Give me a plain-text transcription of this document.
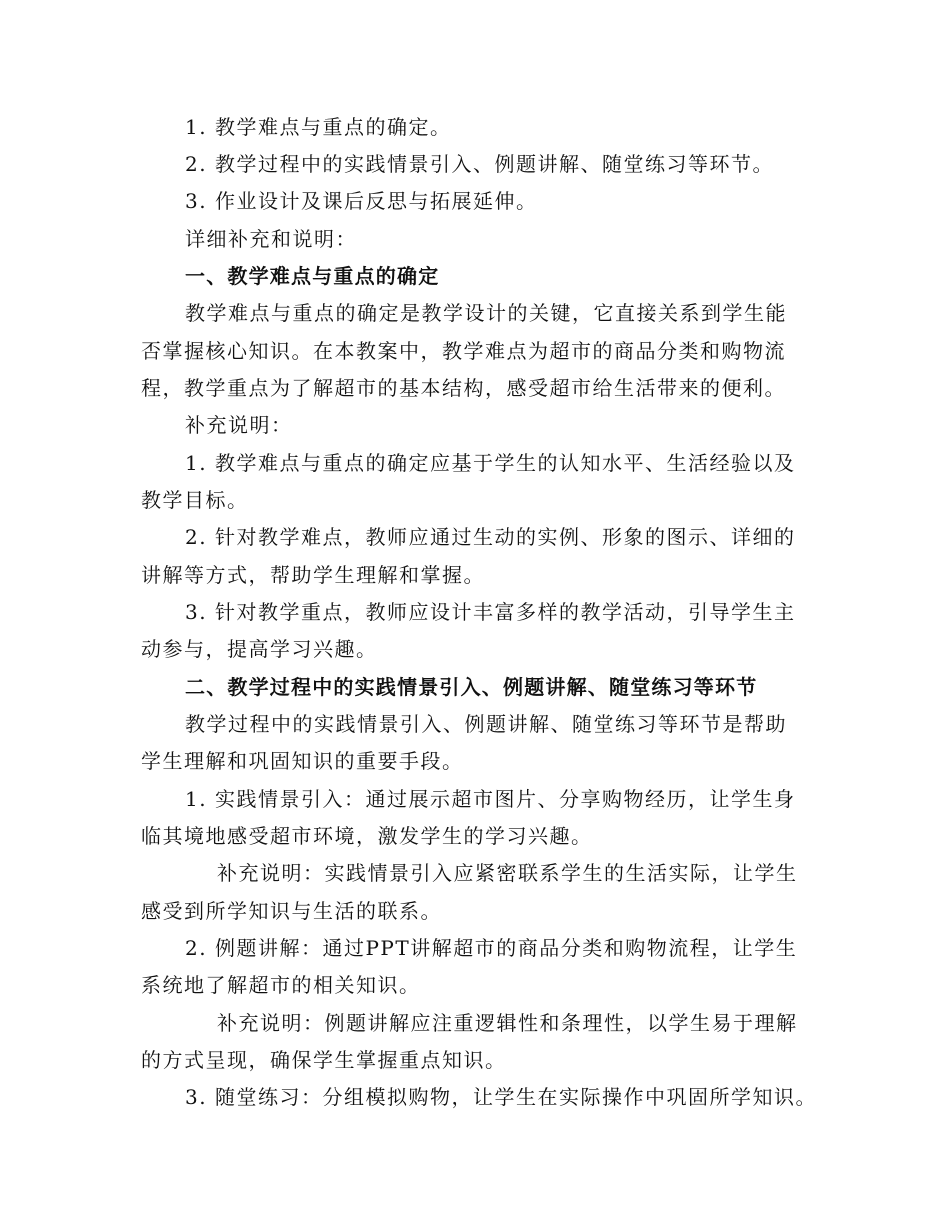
1. 教学难点与重点的确定。
2. 教学过程中的实践情景引入、例题讲解、随堂练习等环节。
3. 作业设计及课后反思与拓展延伸。
详细补充和说明：
一、教学难点与重点的确定
教学难点与重点的确定是教学设计的关键，它直接关系到学生能
否掌握核心知识。在本教案中，教学难点为超市的商品分类和购物流
程，教学重点为了解超市的基本结构，感受超市给生活带来的便利。
补充说明：
1. 教学难点与重点的确定应基于学生的认知水平、生活经验以及
教学目标。
2. 针对教学难点，教师应通过生动的实例、形象的图示、详细的
讲解等方式，帮助学生理解和掌握。
3. 针对教学重点，教师应设计丰富多样的教学活动，引导学生主
动参与，提高学习兴趣。
二、教学过程中的实践情景引入、例题讲解、随堂练习等环节
教学过程中的实践情景引入、例题讲解、随堂练习等环节是帮助
学生理解和巩固知识的重要手段。
1. 实践情景引入：通过展示超市图片、分享购物经历，让学生身
临其境地感受超市环境，激发学生的学习兴趣。
补充说明：实践情景引入应紧密联系学生的生活实际，让学生
感受到所学知识与生活的联系。
2. 例题讲解：通过PPT讲解超市的商品分类和购物流程，让学生
系统地了解超市的相关知识。
补充说明：例题讲解应注重逻辑性和条理性，以学生易于理解
的方式呈现，确保学生掌握重点知识。
3. 随堂练习：分组模拟购物，让学生在实际操作中巩固所学知识。
